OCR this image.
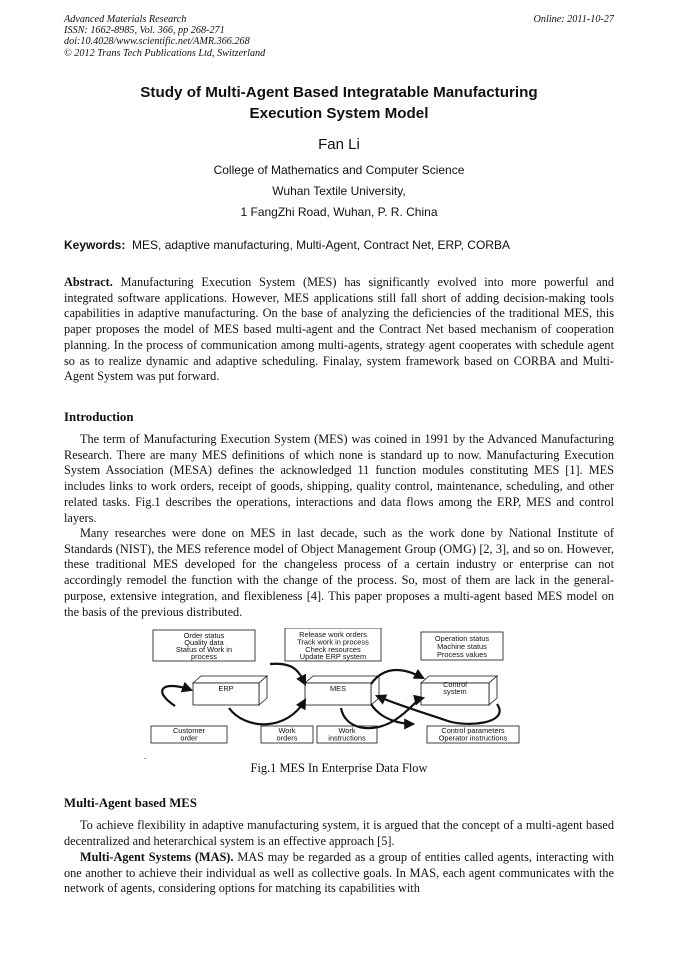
Advanced Materials Research
ISSN: 1662-8985, Vol. 366, pp 268-271
doi:10.4028/www.scientific.net/AMR.366.268
© 2012 Trans Tech Publications Ltd, Switzerland
Online: 2011-10-27
Study of Multi-Agent Based Integratable Manufacturing
Execution System Model
Fan Li
College of Mathematics and Computer Science
Wuhan Textile University,
1 FangZhi Road, Wuhan, P. R. China
Keywords: MES, adaptive manufacturing, Multi-Agent, Contract Net, ERP, CORBA
Abstract. Manufacturing Execution System (MES) has significantly evolved into more powerful and integrated software applications. However, MES applications still fall short of adding decision-making tools capabilities in adaptive manufacturing. On the base of analyzing the deficiencies of the traditional MES, this paper proposes the model of MES based multi-agent and the Contract Net based mechanism of cooperation planning. In the process of communication among multi-agents, strategy agent cooperates with schedule agent so as to realize dynamic and adaptive scheduling. Finalay, system framework based on CORBA and Multi-Agent System was put forward.
Introduction
The term of Manufacturing Execution System (MES) was coined in 1991 by the Advanced Manufacturing Research. There are many MES definitions of which none is standard up to now. Manufacturing Execution System Association (MESA) defines the acknowledged 11 function modules constituting MES [1]. MES includes links to work orders, receipt of goods, shipping, quality control, maintenance, scheduling, and other related tasks. Fig.1 describes the operations, interactions and data flows among the ERP, MES and control layers.
Many researches were done on MES in last decade, such as the work done by National Institute of Standards (NIST), the MES reference model of Object Management Group (OMG) [2, 3], and so on. However, these traditional MES developed for the changeless process of a certain industry or enterprise can not accordingly remodel the function with the change of the process. So, most of them are lack in the general-purpose, extensive integration, and flexibleness [4]. This paper proposes a multi-agent based MES model on the basis of the previous distributed.
Order status
Quality data
Status of Work in
process
Release work orders
Track work in process
Check resources
Update ERP system
Operation status
Machine status
Process values
ERP	MES	Control
system
Customer
order
Work
orders
Work
instructions
Control parameters
Operator instructions
.
Fig.1 MES In Enterprise Data Flow
Multi-Agent based MES
To achieve flexibility in adaptive manufacturing system, it is argued that the concept of a multi-agent based decentralized and heterarchical system is an effective approach [5].
Multi-Agent Systems (MAS). MAS may be regarded as a group of entities called agents, interacting with one another to achieve their individual as well as collective goals. In MAS, each agent communicates with the network of agents, considering options for matching its capabilities with
